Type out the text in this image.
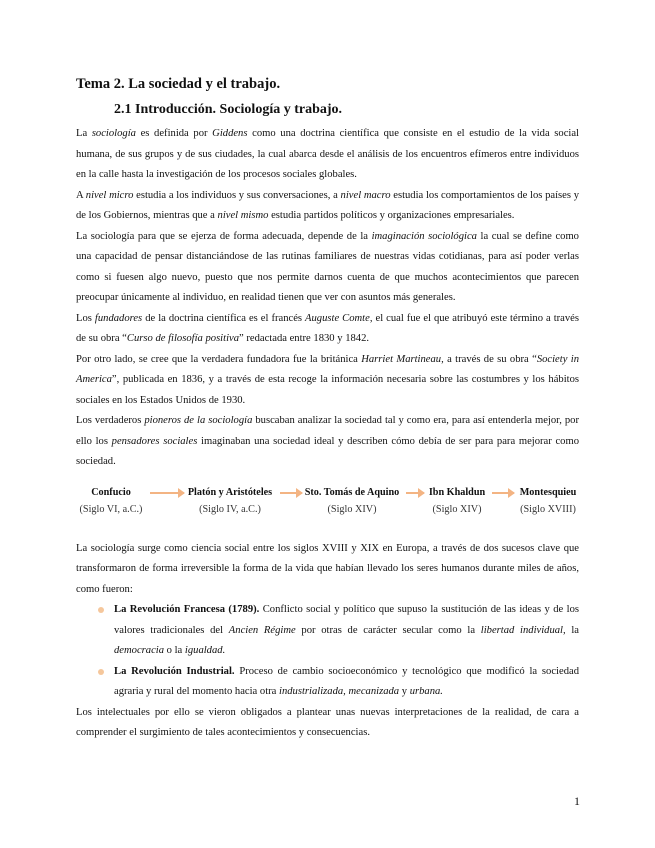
Tema 2. La sociedad y el trabajo.
2.1 Introducción. Sociología y trabajo.

La sociología es definida por Giddens como una doctrina científica que consiste en el estudio de la vida social humana, de sus grupos y de sus ciudades, la cual abarca desde el análisis de los encuentros efímeros entre individuos en la calle hasta la investigación de los procesos sociales globales.

A nivel micro estudia a los individuos y sus conversaciones, a nivel macro estudia los comportamientos de los países y de los Gobiernos, mientras que a nivel mismo estudia partidos políticos y organizaciones empresariales.

La sociología para que se ejerza de forma adecuada, depende de la imaginación sociológica la cual se define como una capacidad de pensar distanciándose de las rutinas familiares de nuestras vidas cotidianas, para así poder verlas como si fuesen algo nuevo, puesto que nos permite darnos cuenta de que muchos acontecimientos que parecen preocupar únicamente al individuo, en realidad tienen que ver con asuntos más generales.

Los fundadores de la doctrina científica es el francés Auguste Comte, el cual fue el que atribuyó este término a través de su obra “Curso de filosofía positiva” redactada entre 1830 y 1842.

Por otro lado, se cree que la verdadera fundadora fue la británica Harriet Martineau, a través de su obra “Society in America”, publicada en 1836, y a través de esta recoge la información necesaria sobre las costumbres y los hábitos sociales en los Estados Unidos de 1930.

Los verdaderos pioneros de la sociología buscaban analizar la sociedad tal y como era, para así entenderla mejor, por ello los pensadores sociales imaginaban una sociedad ideal y describen cómo debía de ser para para mejorar como sociedad.

Confucio
(Siglo VI, a.C.)
Platón y Aristóteles
(Siglo IV, a.C.)
Sto. Tomás de Aquino
(Siglo XIV)
Ibn Khaldun
(Siglo XIV)
Montesquieu
(Siglo XVIII)

La sociología surge como ciencia social entre los siglos XVIII y XIX en Europa, a través de dos sucesos clave que transformaron de forma irreversible la forma de la vida que habían llevado los seres humanos durante miles de años, como fueron:

La Revolución Francesa (1789). Conflicto social y político que supuso la sustitución de las ideas y de los valores tradicionales del Ancien Régime por otras de carácter secular como la libertad individual, la democracia o la igualdad.
La Revolución Industrial. Proceso de cambio socioeconómico y tecnológico que modificó la sociedad agraria y rural del momento hacia otra industrializada, mecanizada y urbana.

Los intelectuales por ello se vieron obligados a plantear unas nuevas interpretaciones de la realidad, de cara a comprender el surgimiento de tales acontecimientos y consecuencias.

1
